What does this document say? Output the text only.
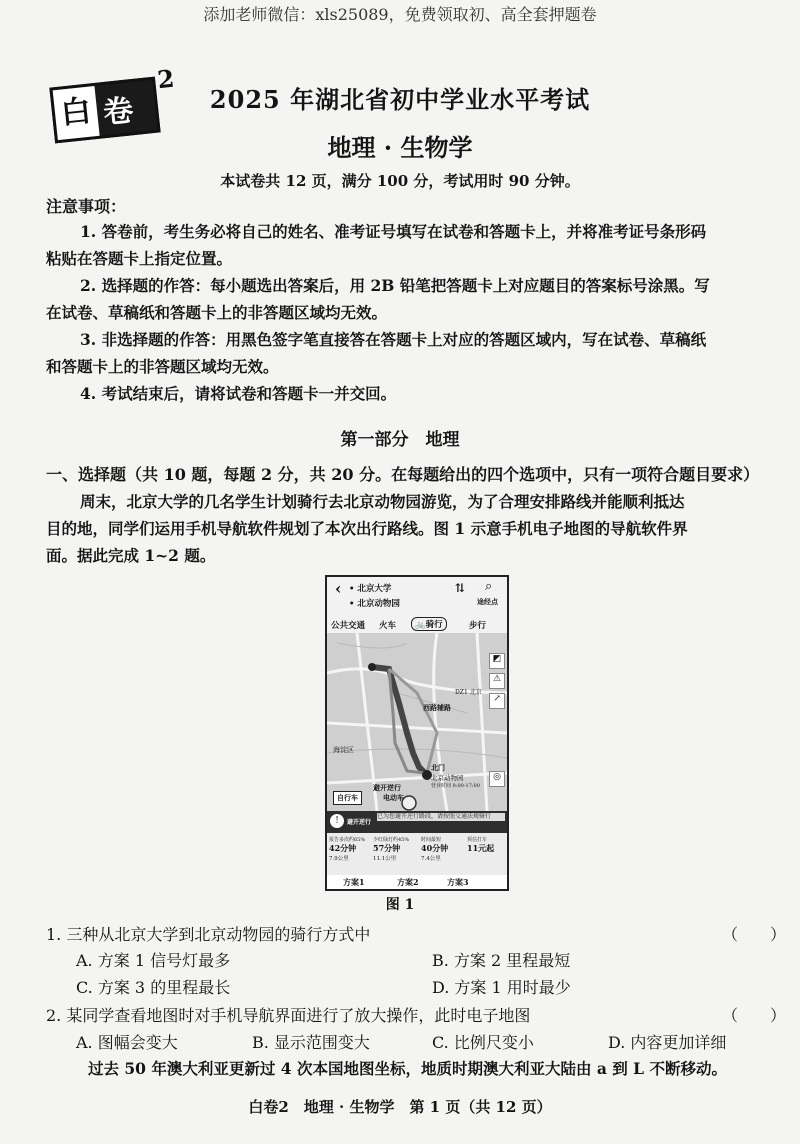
添加老师微信：xls25089，免费领取初、高全套押题卷
白 卷
2
2025 年湖北省初中学业水平考试
地理 · 生物学
本试卷共 12 页，满分 100 分，考试用时 90 分钟。
注意事项：
1. 答卷前，考生务必将自己的姓名、准考证号填写在试卷和答题卡上，并将准考证号条形码
粘贴在答题卡上指定位置。
2. 选择题的作答：每小题选出答案后，用 2B 铅笔把答题卡上对应题目的答案标号涂黑。写
在试卷、草稿纸和答题卡上的非答题区域均无效。
3. 非选择题的作答：用黑色签字笔直接答在答题卡上对应的答题区域内，写在试卷、草稿纸
和答题卡上的非答题区域均无效。
4. 考试结束后，请将试卷和答题卡一并交回。
第一部分　地理
一、选择题（共 10 题，每题 2 分，共 20 分。在每题给出的四个选项中，只有一项符合题目要求）
周末，北京大学的几名学生计划骑行去北京动物园游览，为了合理安排路线并能顺利抵达
目的地，同学们运用手机导航软件规划了本次出行路线。图 1 示意手机电子地图的导航软件界
面。据此完成 1~2 题。
‹ • 北京大学
• 北京动物园
⇅ ⌕
途经点
公共交通 火车	🚲骑行	步行
海淀区
西路辅路
DZ1 北京
北门
北京动物园
营业时间 8:00-17:00
避开逆行
◩
⚠
↗
◎
自行车	电动车
!	避开逆行
已为您避开逆行路段，请按照交通法规骑行
报告多次约65%
42分钟
7.9公里
少红绿灯约45%
57分钟
11.1公里
时间最短
40分钟
7.4公里
预估打车
11元起
方案1	方案2	方案3
图 1
1. 三种从北京大学到北京动物园的骑行方式中	（　　）
A. 方案 1 信号灯最多	B. 方案 2 里程最短
C. 方案 3 的里程最长	D. 方案 1 用时最少
2. 某同学查看地图时对手机导航界面进行了放大操作，此时电子地图	（　　）
A. 图幅会变大	B. 显示范围变大	C. 比例尺变小	D. 内容更加详细
过去 50 年澳大利亚更新过 4 次本国地图坐标，地质时期澳大利亚大陆由 a 到 L 不断移动。
白卷2　地理 · 生物学　第 1 页（共 12 页）
